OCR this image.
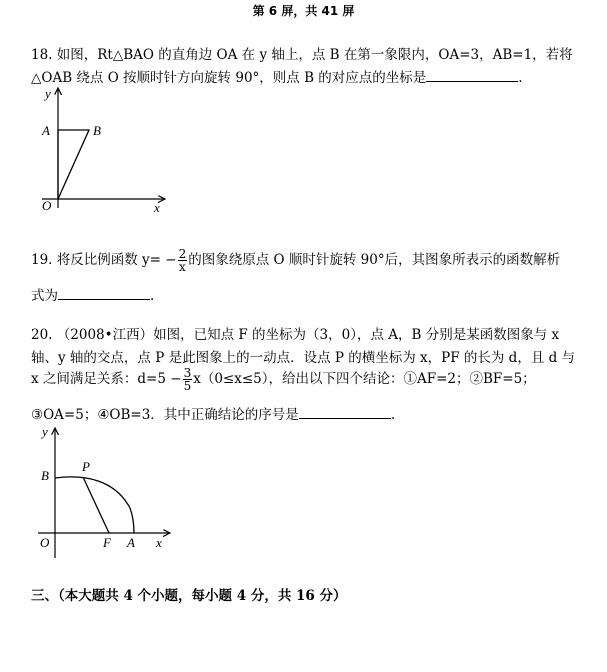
第 6 屏，共 41 屏
18. 如图，Rt△BAO 的直角边 OA 在 y 轴上，点 B 在第一象限内，OA=3，AB=1，若将
△OAB 绕点 O 按顺时针方向旋转 90°，则点 B 的对应点的坐标是	.
y
x
A	B
O
19. 将反比例函数 $y= - \frac{2}{x}$ 的图象绕原点 O 顺时针旋转 90°后，其图象所表示的函数解析
式为	.
20. （2008•江西）如图，已知点 F 的坐标为（3，0），点 A，B 分别是某函数图象与 x
轴、y 轴的交点，点 P 是此图象上的一动点．设点 P 的横坐标为 x，PF 的长为 d，且 d 与
x 之间满足关系：$d=5 - \frac{3}{5} x(0\le x\le 5)$，给出以下四个结论：①AF=2；②BF=5；
③OA=5；④OB=3．其中正确结论的序号是	.
y
x
B
P
O	F A
三、（本大题共 4 个小题，每小题 4 分，共 16 分）
